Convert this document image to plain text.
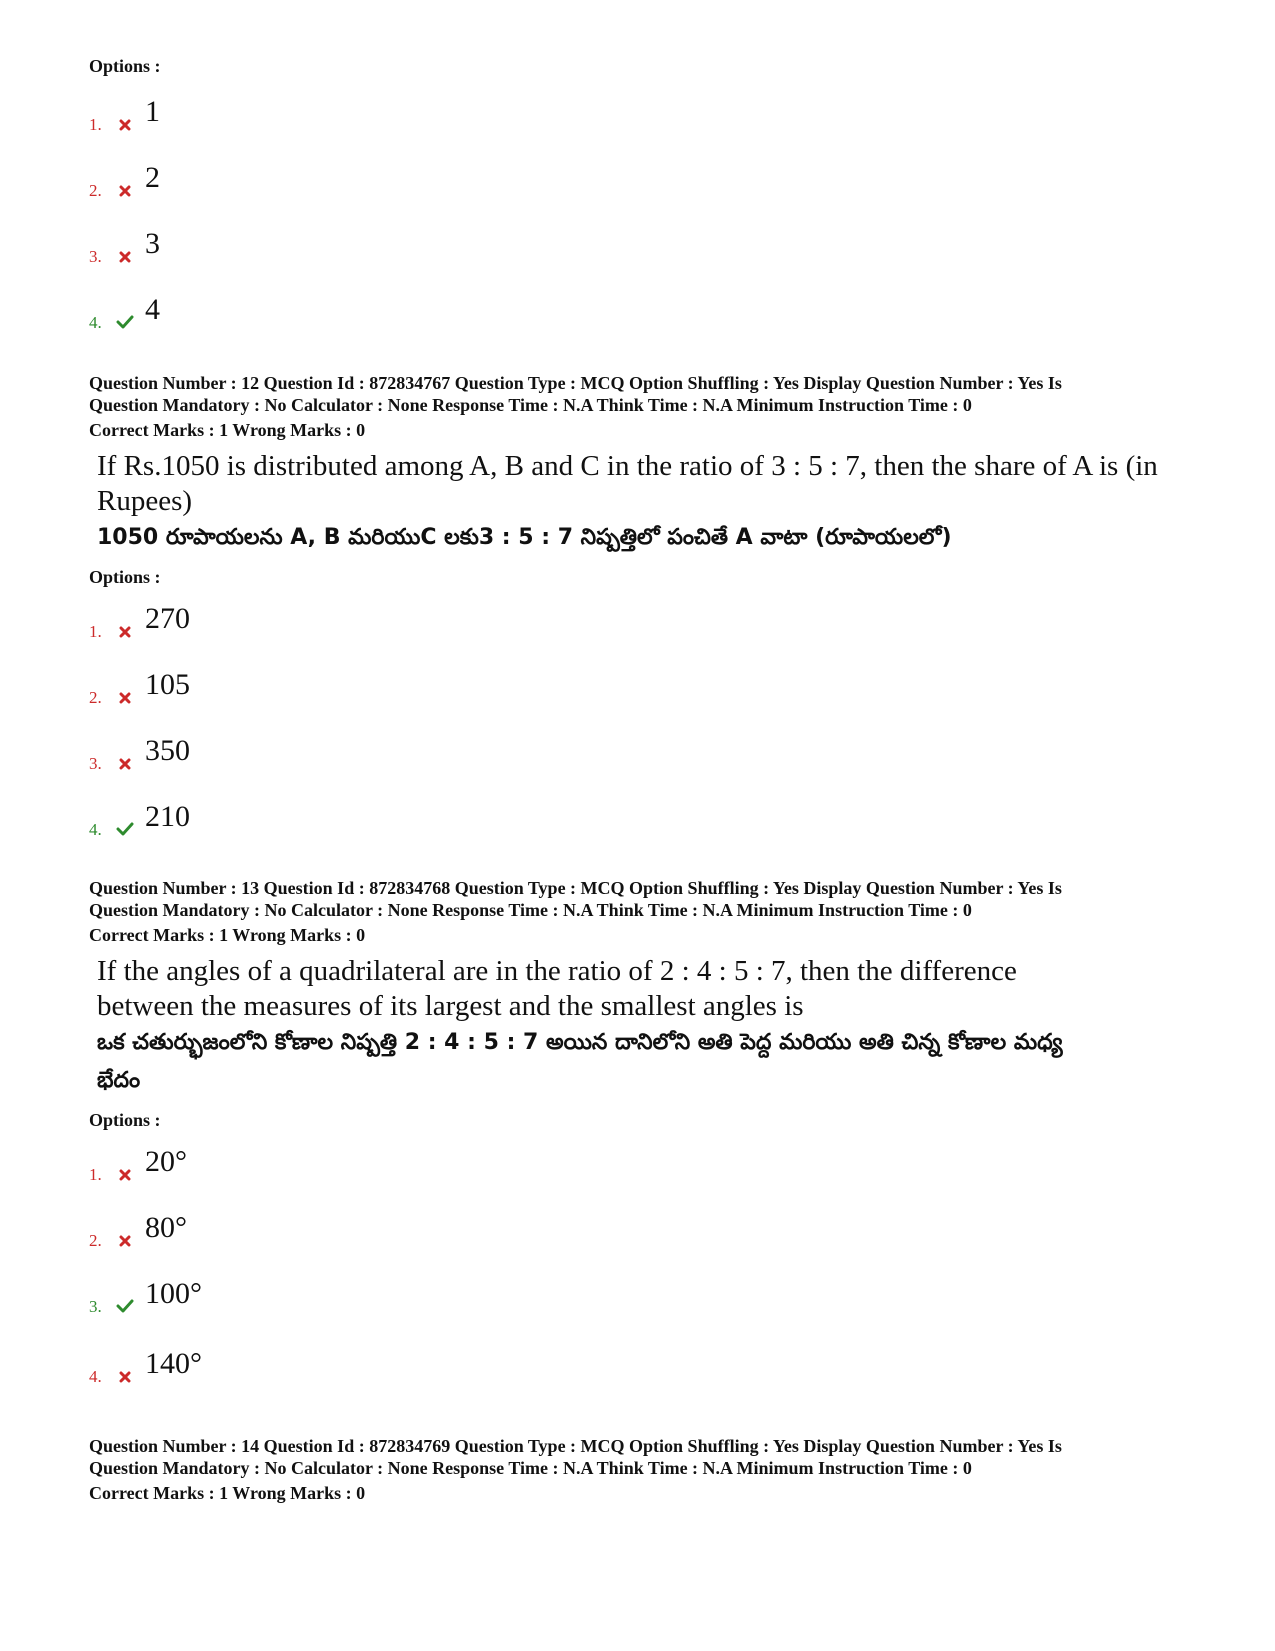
Options :

1.	1
2.	2
3.	3
4.	4

Question Number : 12 Question Id : 872834767 Question Type : MCQ Option Shuffling : Yes Display Question Number : Yes Is

Question Mandatory : No Calculator : None Response Time : N.A Think Time : N.A Minimum Instruction Time : 0

Correct Marks : 1 Wrong Marks : 0

If Rs.1050 is distributed among A, B and C in the ratio of 3 : 5 : 7, then the share of A is (in Rupees)

1050 రూపాయలను A, B మరియుC లకు3 : 5 : 7 నిష్పత్తిలో పంచితే A వాటా (రూపాయలలో)

Options :

1.	270
2.	105
3.	350
4.	210

Question Number : 13 Question Id : 872834768 Question Type : MCQ Option Shuffling : Yes Display Question Number : Yes Is

Question Mandatory : No Calculator : None Response Time : N.A Think Time : N.A Minimum Instruction Time : 0

Correct Marks : 1 Wrong Marks : 0

If the angles of a quadrilateral are in the ratio of 2 : 4 : 5 : 7, then the difference between the measures of its largest and the smallest angles is

ఒక చతుర్భుజంలోని కోణాల నిష్పత్తి 2 : 4 : 5 : 7 అయిన దానిలోని అతి పెద్ద మరియు అతి చిన్న కోణాల మధ్య భేదం

Options :

1.	20°
2.	80°
3.	100°
4.	140°

Question Number : 14 Question Id : 872834769 Question Type : MCQ Option Shuffling : Yes Display Question Number : Yes Is

Question Mandatory : No Calculator : None Response Time : N.A Think Time : N.A Minimum Instruction Time : 0

Correct Marks : 1 Wrong Marks : 0
